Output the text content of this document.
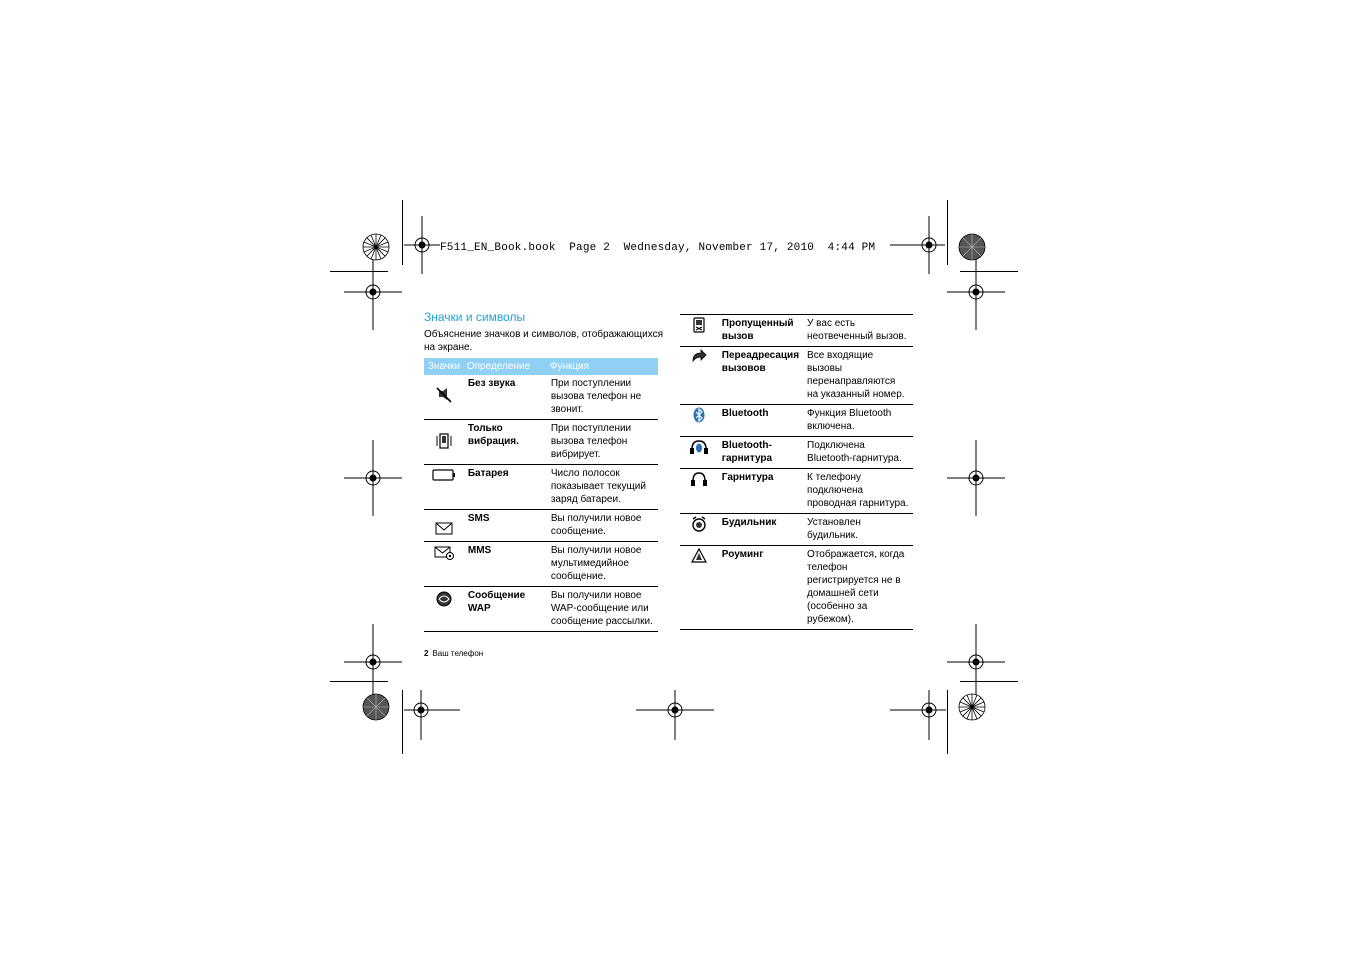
F511_EN_Book.book  Page 2  Wednesday, November 17, 2010  4:44 PM
Значки и символы
Объяснение значков и символов, отображающихся на экране.
Значки	Определение	Функция

	Без звука	При поступлении вызова телефон не звонит.

	Только вибрация.	При поступлении вызова телефон вибрирует.

	Батарея	Число полосок показывает текущий заряд батареи.

	SMS	Вы получили новое сообщение.

	MMS	Вы получили новое мультимедийное сообщение.

	Сообщение WAP	Вы получили новое WAP-сообщение или сообщение рассылки.
	Пропущенный вызов	У вас есть неотвеченный вызов.

	Переадресация вызовов	Все входящие вызовы перенаправляются на указанный номер.

	Bluetooth	Функция Bluetooth включена.

	Bluetooth-гарнитура	Подключена Bluetooth-гарнитура.

	Гарнитура	К телефону подключена проводная гарнитура.

	Будильник	Установлен будильник.

	Роуминг	Отображается, когда телефон регистрируется не в домашней сети (особенно за рубежом).
2 Ваш телефон
